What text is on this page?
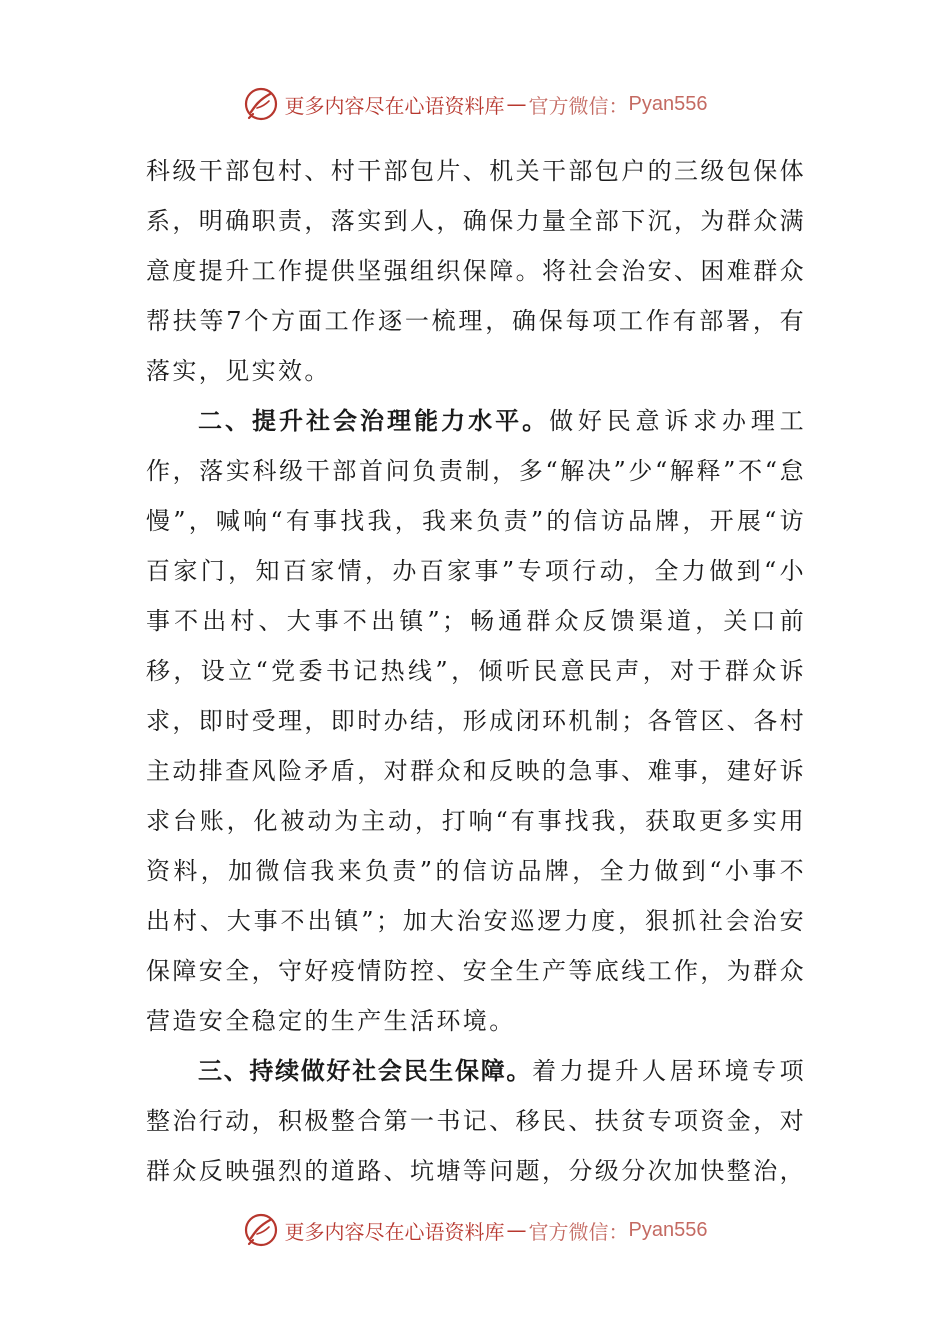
更多内容尽在心语资料库 — 官方微信： Pyan556

科级干部包村、村干部包片、机关干部包户的三级包保体系，明确职责，落实到人，确保力量全部下沉，为群众满意度提升工作提供坚强组织保障。将社会治安、困难群众帮扶等7个方面工作逐一梳理，确保每项工作有部署，有落实，见实效。

二、提升社会治理能力水平。做好民意诉求办理工作，落实科级干部首问负责制，多“解决”少“解释”不“怠慢”，喊响“有事找我，我来负责”的信访品牌，开展“访百家门，知百家情，办百家事”专项行动，全力做到“小事不出村、大事不出镇”；畅通群众反馈渠道，关口前移，设立“党委书记热线”，倾听民意民声，对于群众诉求，即时受理，即时办结，形成闭环机制；各管区、各村主动排查风险矛盾，对群众和反映的急事、难事，建好诉求台账，化被动为主动，打响“有事找我，获取更多实用资料，加微信我来负责”的信访品牌，全力做到“小事不出村、大事不出镇”；加大治安巡逻力度，狠抓社会治安保障安全，守好疫情防控、安全生产等底线工作，为群众营造安全稳定的生产生活环境。

三、持续做好社会民生保障。着力提升人居环境专项整治行动，积极整合第一书记、移民、扶贫专项资金，对群众反映强烈的道路、坑塘等问题，分级分次加快整治，

更多内容尽在心语资料库 — 官方微信： Pyan556
